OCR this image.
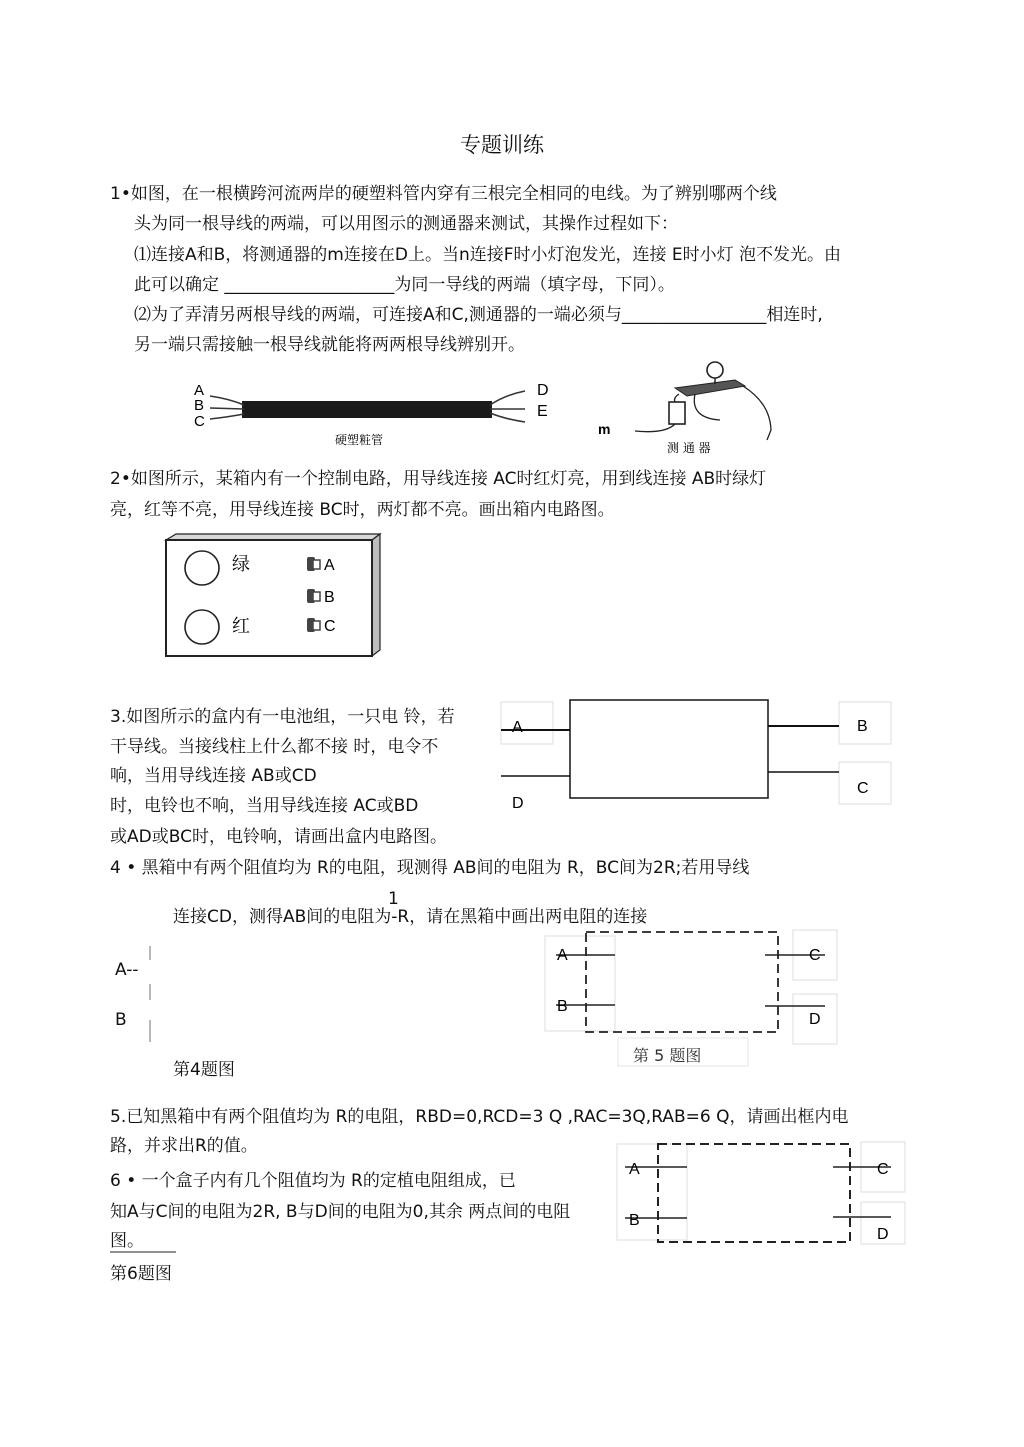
专题训练
1•如图，在一根横跨河流两岸的硬塑料管内穿有三根完全相同的电线。为了辨别哪两个线
头为同一根导线的两端，可以用图示的测通器来测试，其操作过程如下：
⑴连接A和B，将测通器的m连接在D上。当n连接F时小灯泡发光，连接 E时小灯 泡不发光。由
此可以确定 ____________________为同一导线的两端（填字母，下同）。
⑵为了弄清另两根导线的两端，可连接A和C,测通器的一端必须与_________________相连时,
另一端只需接触一根导线就能将两两根导线辨别开。
A
B
C
D
E
硬塑粧管
m
测 通 器
2•如图所示，某箱内有一个控制电路，用导线连接 AC时红灯亮，用到线连接 AB时绿灯
亮，红等不亮，用导线连接 BC时，两灯都不亮。画出箱内电路图。
绿
红
A
B
C
3.如图所示的盒内有一电池组，一只电 铃，若
干导线。当接线柱上什么都不接 时，电令不
响，当用导线连接 AB或CD
时，电铃也不响，当用导线连接 AC或BD
或AD或BC时，电铃响，请画出盒内电路图。
A	B
C
D
4 • 黑箱中有两个阻值均为 R的电阻，现测得 AB间的电阻为 R，BC间为2R;若用导线
1
连接CD，测得AB间的电阻为-R，请在黑箱中画出两电阻的连接
A--
B
第4题图
A
B
C
D
第 5 题图
5.已知黑箱中有两个阻值均为 R的电阻，RBD=0,RCD=3 Q ,RAC=3Q,RAB=6 Q，请画出框内电
路，并求出R的值。
6 • 一个盒子内有几个阻值均为 R的定植电阻组成，已
知A与C间的电阻为2R, B与D间的电阻为0,其余 两点间的电阻
图。
第6题图
A
B
C
D
